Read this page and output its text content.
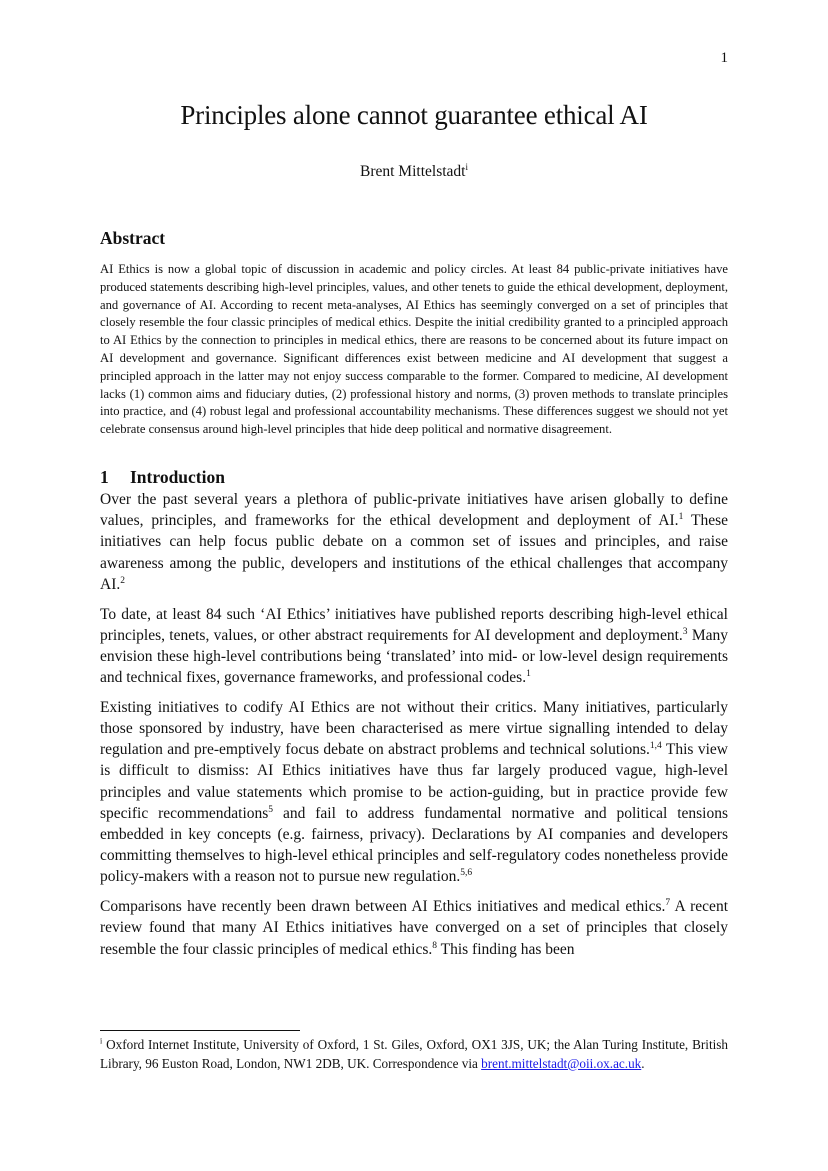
1
Principles alone cannot guarantee ethical AI
Brent Mittelstadt$^i$
Abstract

AI Ethics is now a global topic of discussion in academic and policy circles. At least 84 public-private initiatives have produced statements describing high-level principles, values, and other tenets to guide the ethical development, deployment, and governance of AI. According to recent meta-analyses, AI Ethics has seemingly converged on a set of principles that closely resemble the four classic principles of medical ethics. Despite the initial credibility granted to a principled approach to AI Ethics by the connection to principles in medical ethics, there are reasons to be concerned about its future impact on AI development and governance. Significant differences exist between medicine and AI development that suggest a principled approach in the latter may not enjoy success comparable to the former. Compared to medicine, AI development lacks (1) common aims and fiduciary duties, (2) professional history and norms, (3) proven methods to translate principles into practice, and (4) robust legal and professional accountability mechanisms. These differences suggest we should not yet celebrate consensus around high-level principles that hide deep political and normative disagreement.

1 Introduction

Over the past several years a plethora of public-private initiatives have arisen globally to define values, principles, and frameworks for the ethical development and deployment of AI.$^1$ These initiatives can help focus public debate on a common set of issues and principles, and raise awareness among the public, developers and institutions of the ethical challenges that accompany AI.$^2$

To date, at least 84 such ‘AI Ethics’ initiatives have published reports describing high-level ethical principles, tenets, values, or other abstract requirements for AI development and deployment.$^3$ Many envision these high-level contributions being ‘translated’ into mid- or low-level design requirements and technical fixes, governance frameworks, and professional codes.$^1$

Existing initiatives to codify AI Ethics are not without their critics. Many initiatives, particularly those sponsored by industry, have been characterised as mere virtue signalling intended to delay regulation and pre-emptively focus debate on abstract problems and technical solutions.$^{1,4}$ This view is difficult to dismiss: AI Ethics initiatives have thus far largely produced vague, high-level principles and value statements which promise to be action-guiding, but in practice provide few specific recommendations$^5$ and fail to address fundamental normative and political tensions embedded in key concepts (e.g. fairness, privacy). Declarations by AI companies and developers committing themselves to high-level ethical principles and self-regulatory codes nonetheless provide policy-makers with a reason not to pursue new regulation.$^{5,6}$

Comparisons have recently been drawn between AI Ethics initiatives and medical ethics.$^7$ A recent review found that many AI Ethics initiatives have converged on a set of principles that closely resemble the four classic principles of medical ethics.$^8$ This finding has been

$^i$ Oxford Internet Institute, University of Oxford, 1 St. Giles, Oxford, OX1 3JS, UK; the Alan Turing Institute, British Library, 96 Euston Road, London, NW1 2DB, UK. Correspondence via brent.mittelstadt@oii.ox.ac.uk.
